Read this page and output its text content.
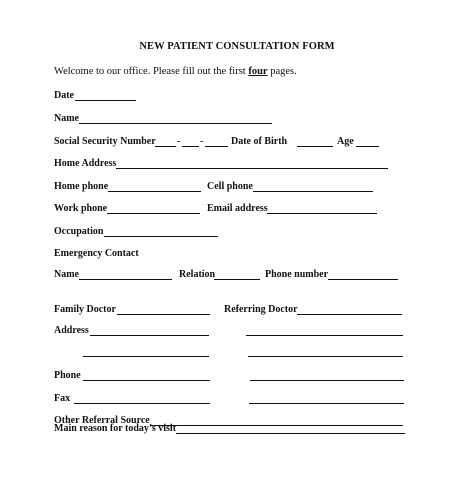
NEW PATIENT CONSULTATION FORM
Welcome to our office. Please fill out the first four pages.
Date
Name
Social Security Number - -	Date of Birth	Age
Home Address
Home phone	Cell phone
Work phone	Email address
Occupation
Emergency Contact
Name	Relation	Phone number
Family Doctor	Referring Doctor
Address
Phone
Fax
Other Referral Source
Main reason for today’s visit
